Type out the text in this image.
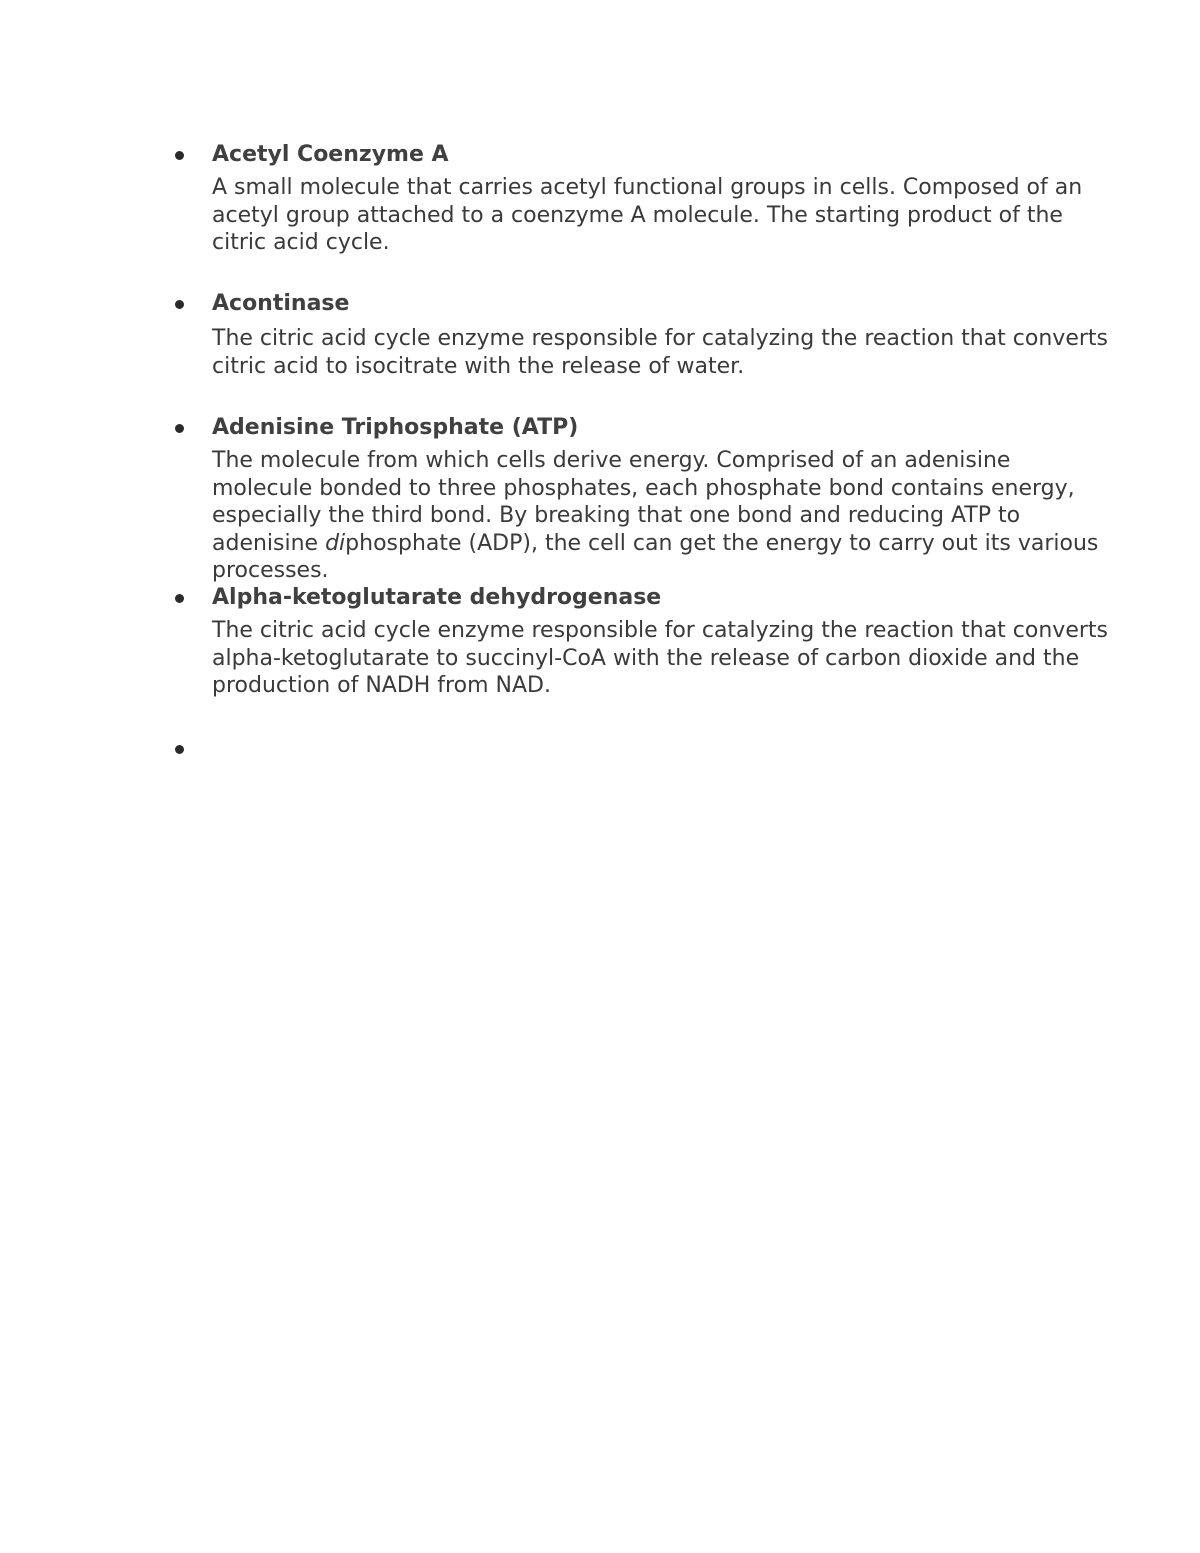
Acetyl Coenzyme A

A small molecule that carries acetyl functional groups in cells. Composed of an acetyl group attached to a coenzyme A molecule. The starting product of the citric acid cycle.

Acontinase

The citric acid cycle enzyme responsible for catalyzing the reaction that converts citric acid to isocitrate with the release of water.

Adenisine Triphosphate (ATP)

The molecule from which cells derive energy. Comprised of an adenisine molecule bonded to three phosphates, each phosphate bond contains energy, especially the third bond. By breaking that one bond and reducing ATP to adenisine diphosphate (ADP), the cell can get the energy to carry out its various processes.

Alpha-ketoglutarate dehydrogenase

The citric acid cycle enzyme responsible for catalyzing the reaction that converts alpha-ketoglutarate to succinyl-CoA with the release of carbon dioxide and the production of NADH from NAD.
